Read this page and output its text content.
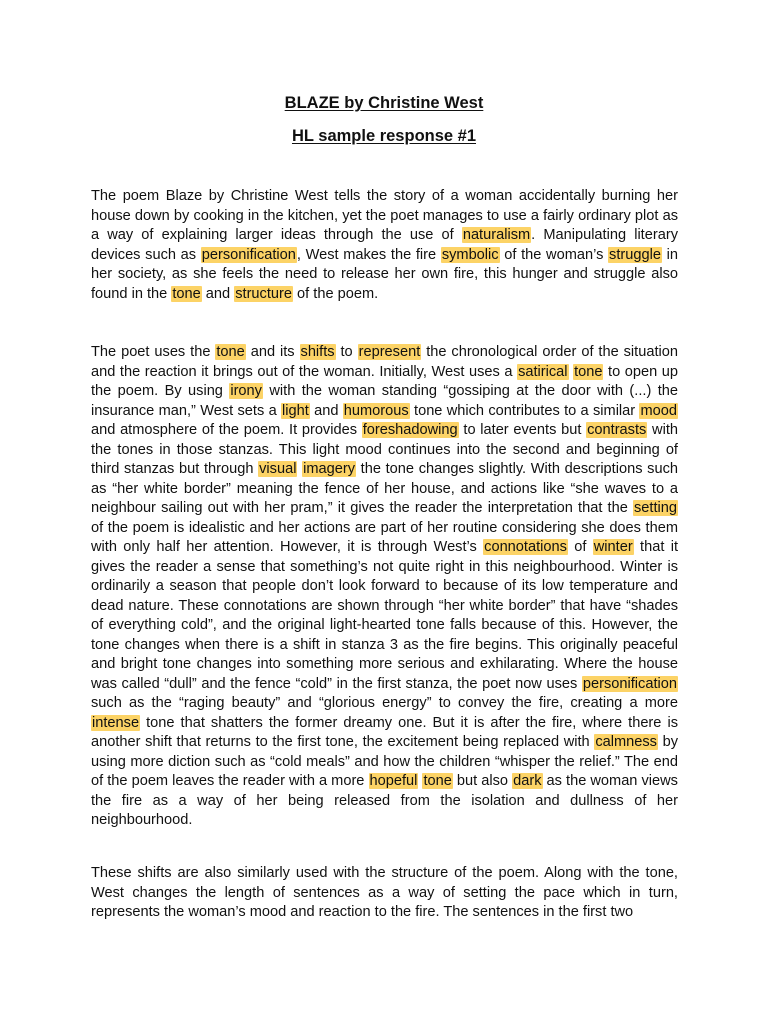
BLAZE by Christine West
HL sample response #1

The poem Blaze by Christine West tells the story of a woman accidentally burning her house down by cooking in the kitchen, yet the poet manages to use a fairly ordinary plot as a way of explaining larger ideas through the use of naturalism. Manipulating literary devices such as personification, West makes the fire symbolic of the woman’s struggle in her society, as she feels the need to release her own fire, this hunger and struggle also found in the tone and structure of the poem.

The poet uses the tone and its shifts to represent the chronological order of the situation and the reaction it brings out of the woman. Initially, West uses a satirical tone to open up the poem. By using irony with the woman standing “gossiping at the door with (...) the insurance man,” West sets a light and humorous tone which contributes to a similar mood and atmosphere of the poem. It provides foreshadowing to later events but contrasts with the tones in those stanzas. This light mood continues into the second and beginning of third stanzas but through visual imagery the tone changes slightly. With descriptions such as “her white border” meaning the fence of her house, and actions like “she waves to a neighbour sailing out with her pram,” it gives the reader the interpretation that the setting of the poem is idealistic and her actions are part of her routine considering she does them with only half her attention. However, it is through West’s connotations of winter that it gives the reader a sense that something’s not quite right in this neighbourhood. Winter is ordinarily a season that people don’t look forward to because of its low temperature and dead nature. These connotations are shown through “her white border” that have “shades of everything cold”, and the original light-hearted tone falls because of this. However, the tone changes when there is a shift in stanza 3 as the fire begins. This originally peaceful and bright tone changes into something more serious and exhilarating. Where the house was called “dull” and the fence “cold” in the first stanza, the poet now uses personification such as the “raging beauty” and “glorious energy” to convey the fire, creating a more intense tone that shatters the former dreamy one. But it is after the fire, where there is another shift that returns to the first tone, the excitement being replaced with calmness by using more diction such as “cold meals” and how the children “whisper the relief.” The end of the poem leaves the reader with a more hopeful tone but also dark as the woman views the fire as a way of her being released from the isolation and dullness of her neighbourhood.

These shifts are also similarly used with the structure of the poem. Along with the tone, West changes the length of sentences as a way of setting the pace which in turn, represents the woman’s mood and reaction to the fire. The sentences in the first two
